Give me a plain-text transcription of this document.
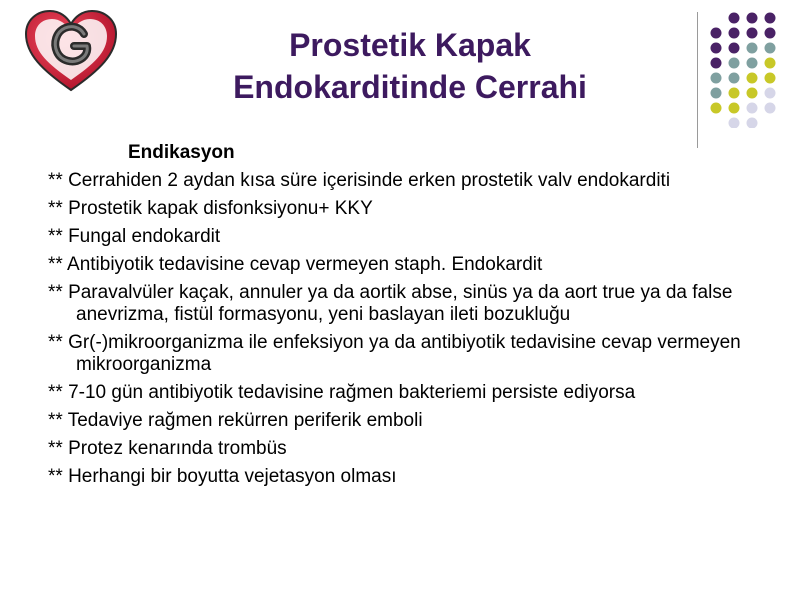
Prostetik Kapak
Endokarditinde Cerrahi
Endikasyon
** Cerrahiden 2 aydan kısa süre içerisinde erken prostetik valv endokarditi
** Prostetik kapak disfonksiyonu+ KKY
** Fungal endokardit
** Antibiyotik tedavisine cevap vermeyen staph. Endokardit
** Paravalvüler kaçak, annuler ya da aortik abse, sinüs ya da aort true ya da false anevrizma, fistül formasyonu, yeni baslayan ileti bozukluğu
** Gr(-)mikroorganizma ile enfeksiyon ya da antibiyotik tedavisine cevap vermeyen mikroorganizma
** 7-10 gün antibiyotik tedavisine rağmen bakteriemi persiste ediyorsa
** Tedaviye rağmen rekürren periferik emboli
** Protez kenarında trombüs
** Herhangi bir boyutta vejetasyon olması
